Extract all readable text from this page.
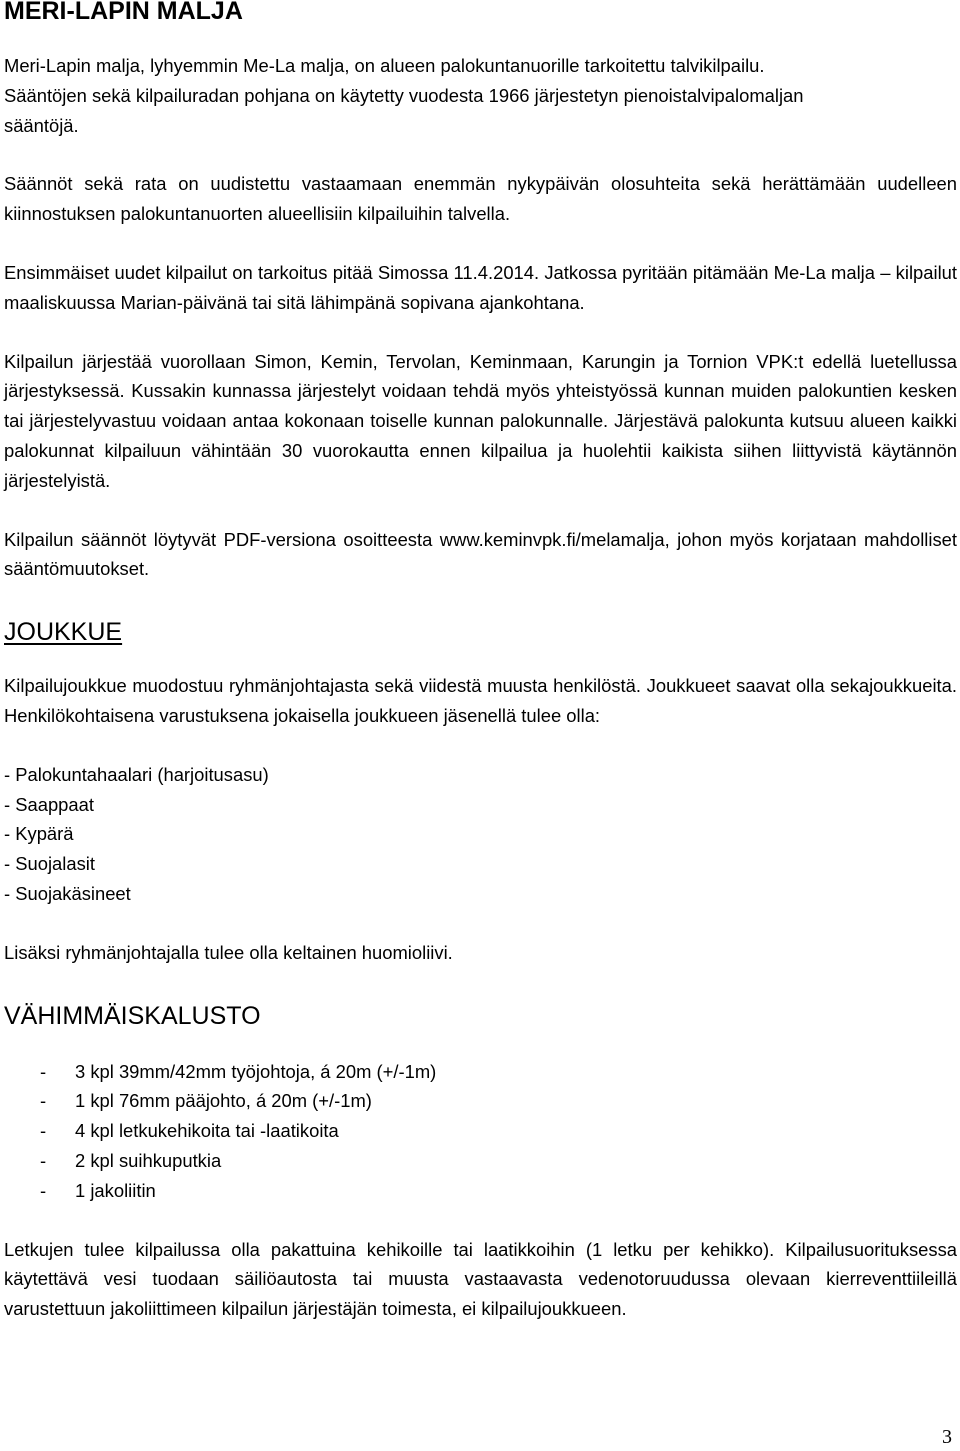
MERI-LAPIN MALJA

Meri-Lapin malja, lyhyemmin Me-La malja, on alueen palokuntanuorille tarkoitettu talvikilpailu.

Sääntöjen sekä kilpailuradan pohjana on käytetty vuodesta 1966 järjestetyn pienoistalvipalomaljan

sääntöjä.

Säännöt sekä rata on uudistettu vastaamaan enemmän nykypäivän olosuhteita sekä herättämään uudelleen kiinnostuksen palokuntanuorten alueellisiin kilpailuihin talvella.

Ensimmäiset uudet kilpailut on tarkoitus pitää Simossa 11.4.2014. Jatkossa pyritään pitämään Me-La malja – kilpailut maaliskuussa Marian-päivänä tai sitä lähimpänä sopivana ajankohtana.

Kilpailun järjestää vuorollaan Simon, Kemin, Tervolan, Keminmaan, Karungin ja Tornion VPK:t edellä luetellussa järjestyksessä. Kussakin kunnassa järjestelyt voidaan tehdä myös yhteistyössä kunnan muiden palokuntien kesken tai järjestelyvastuu voidaan antaa kokonaan toiselle kunnan palokunnalle. Järjestävä palokunta kutsuu alueen kaikki palokunnat kilpailuun vähintään 30 vuorokautta ennen kilpailua ja huolehtii kaikista siihen liittyvistä käytännön järjestelyistä.

Kilpailun säännöt löytyvät PDF-versiona osoitteesta www.keminvpk.fi/melamalja, johon myös korjataan mahdolliset sääntömuutokset.

JOUKKUE

Kilpailujoukkue muodostuu ryhmänjohtajasta sekä viidestä muusta henkilöstä. Joukkueet saavat olla sekajoukkueita. Henkilökohtaisena varustuksena jokaisella joukkueen jäsenellä tulee olla:

- Palokuntahaalari (harjoitusasu)
- Saappaat
- Kypärä
- Suojalasit
- Suojakäsineet

Lisäksi ryhmänjohtajalla tulee olla keltainen huomioliivi.

VÄHIMMÄISKALUSTO
- 3 kpl 39mm/42mm työjohtoja, á 20m (+/-1m)
- 1 kpl 76mm pääjohto, á 20m (+/-1m)
- 4 kpl letkukehikoita tai -laatikoita
- 2 kpl suihkuputkia
- 1 jakoliitin

Letkujen tulee kilpailussa olla pakattuina kehikoille tai laatikkoihin (1 letku per kehikko). Kilpailusuorituksessa käytettävä vesi tuodaan säiliöautosta tai muusta vastaavasta vedenotoruudussa olevaan kierreventtiileillä varustettuun jakoliittimeen kilpailun järjestäjän toimesta, ei kilpailujoukkueen.

3
